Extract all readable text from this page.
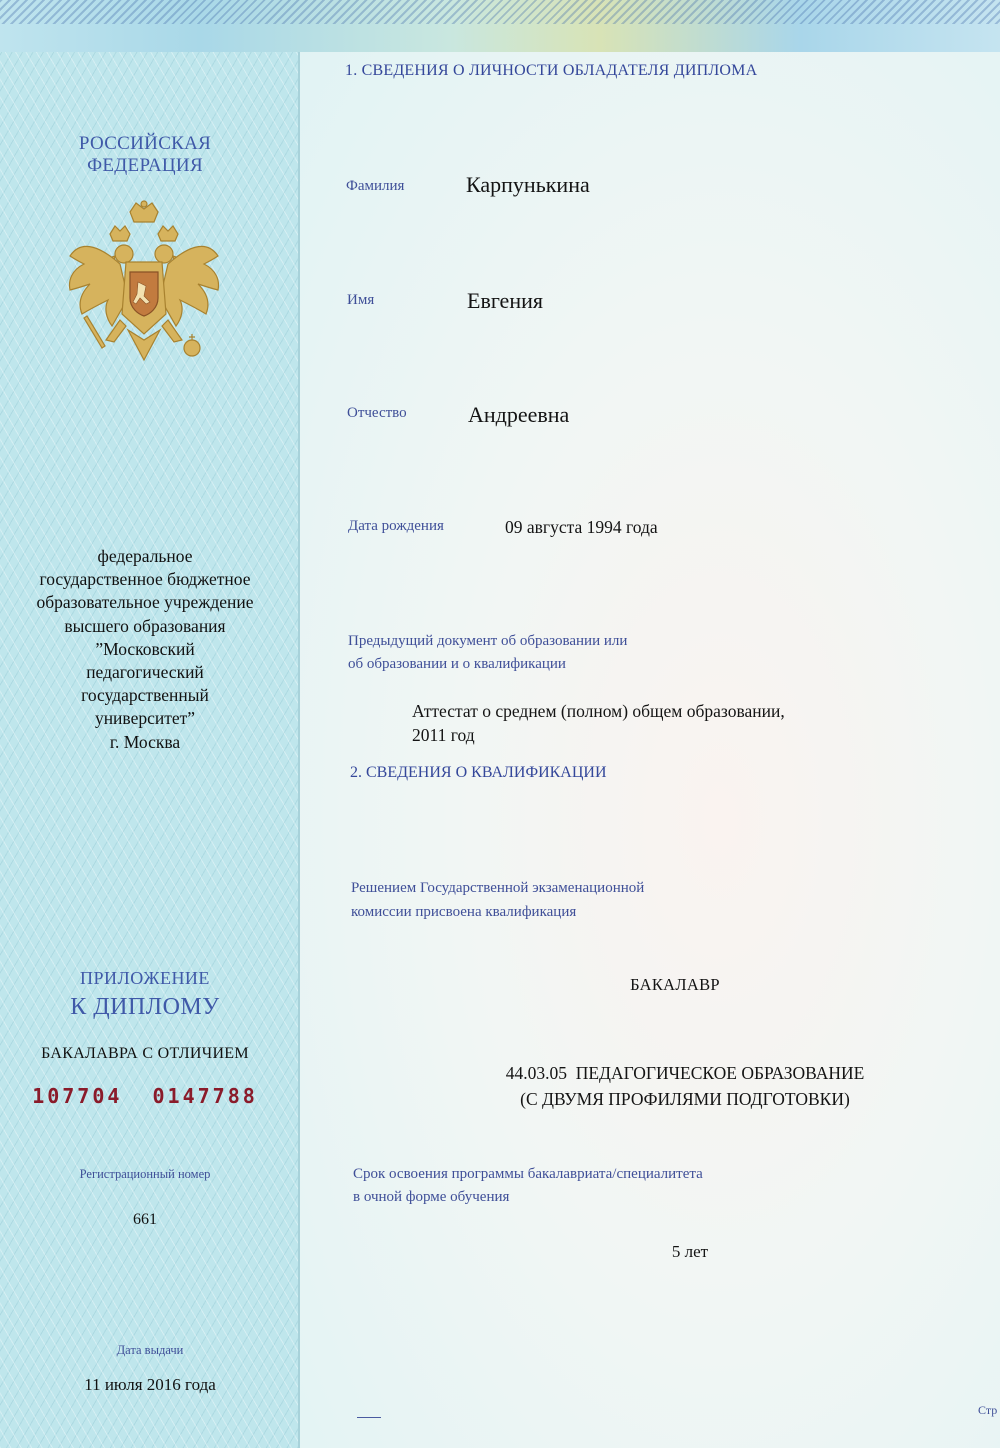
РОССИЙСКАЯ
ФЕДЕРАЦИЯ
федеральное
государственное бюджетное
образовательное учреждение
высшего образования
”Московский
педагогический
государственный
университет”
г. Москва
ПРИЛОЖЕНИЕ
К ДИПЛОМУ
БАКАЛАВРА С ОТЛИЧИЕМ
107704  0147788
Регистрационный номер
661
Дата выдачи
11 июля 2016 года
1. СВЕДЕНИЯ О ЛИЧНОСТИ ОБЛАДАТЕЛЯ ДИПЛОМА
Фамилия	Карпунькина
Имя	Евгения
Отчество	Андреевна
Дата рождения	09 августа 1994 года
Предыдущий документ об образовании или
об образовании и о квалификации
Аттестат о среднем (полном) общем образовании,
2011 год
2. СВЕДЕНИЯ О КВАЛИФИКАЦИИ
Решением Государственной экзаменационной
комиссии присвоена квалификация
БАКАЛАВР
44.03.05  ПЕДАГОГИЧЕСКОЕ ОБРАЗОВАНИЕ
(С ДВУМЯ ПРОФИЛЯМИ ПОДГОТОВКИ)
Срок освоения программы бакалавриата/специалитета
в очной форме обучения
5 лет
Стр
